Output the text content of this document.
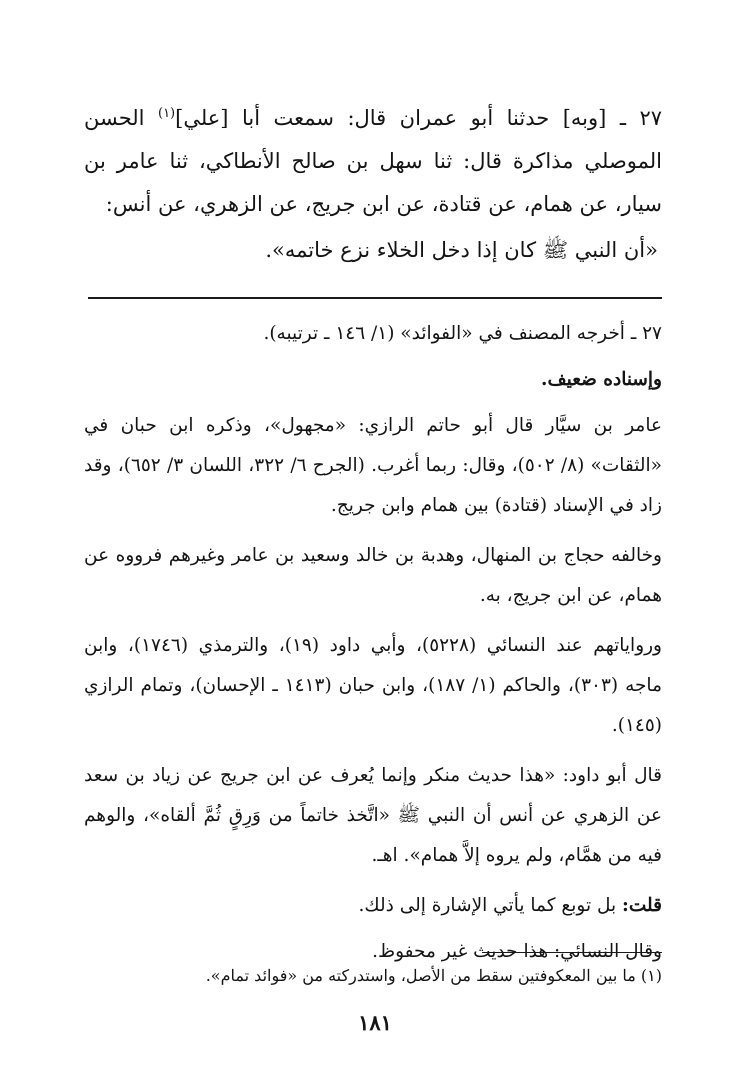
٢٧ ـ [وبه] حدثنا أبو عمران قال: سمعت أبا [علي]$^{(١)}$ الحسن الموصلي مذاكرة قال: ثنا سهل بن صالح الأنطاكي، ثنا عامر بن سيار، عن همام، عن قتادة، عن ابن جريج، عن الزهري، عن أنس:

«أن النبي ﷺ كان إذا دخل الخلاء نزع خاتمه».

٢٧ ـ أخرجه المصنف في «الفوائد» (١/ ١٤٦ ـ ترتيبه).

وإسناده ضعيف.

عامر بن سيَّار قال أبو حاتم الرازي: «مجهول»، وذكره ابن حبان في «الثقات» (٨/ ٥٠٢)، وقال: ربما أغرب. (الجرح ٦/ ٣٢٢، اللسان ٣/ ٦٥٢)، وقد زاد في الإسناد (قتادة) بين همام وابن جريج.

وخالفه حجاج بن المنهال، وهدبة بن خالد وسعيد بن عامر وغيرهم فرووه عن همام، عن ابن جريج، به.

ورواياتهم عند النسائي (٥٢٢٨)، وأبي داود (١٩)، والترمذي (١٧٤٦)، وابن ماجه (٣٠٣)، والحاكم (١/ ١٨٧)، وابن حبان (١٤١٣ ـ الإحسان)، وتمام الرازي (١٤٥).

قال أبو داود: «هذا حديث منكر وإنما يُعرف عن ابن جريج عن زياد بن سعد عن الزهري عن أنس أن النبي ﷺ «اتَّخذ خاتماً من وَرِقٍ ثُمَّ ألقاه»، والوهم فيه من همَّام، ولم يروه إلاَّ همام». اهـ.

قلت: بل توبع كما يأتي الإشارة إلى ذلك.

وقال النسائي: هذا حديث غير محفوظ.

(١) ما بين المعكوفتين سقط من الأصل، واستدركته من «فوائد تمام».
١٨١
